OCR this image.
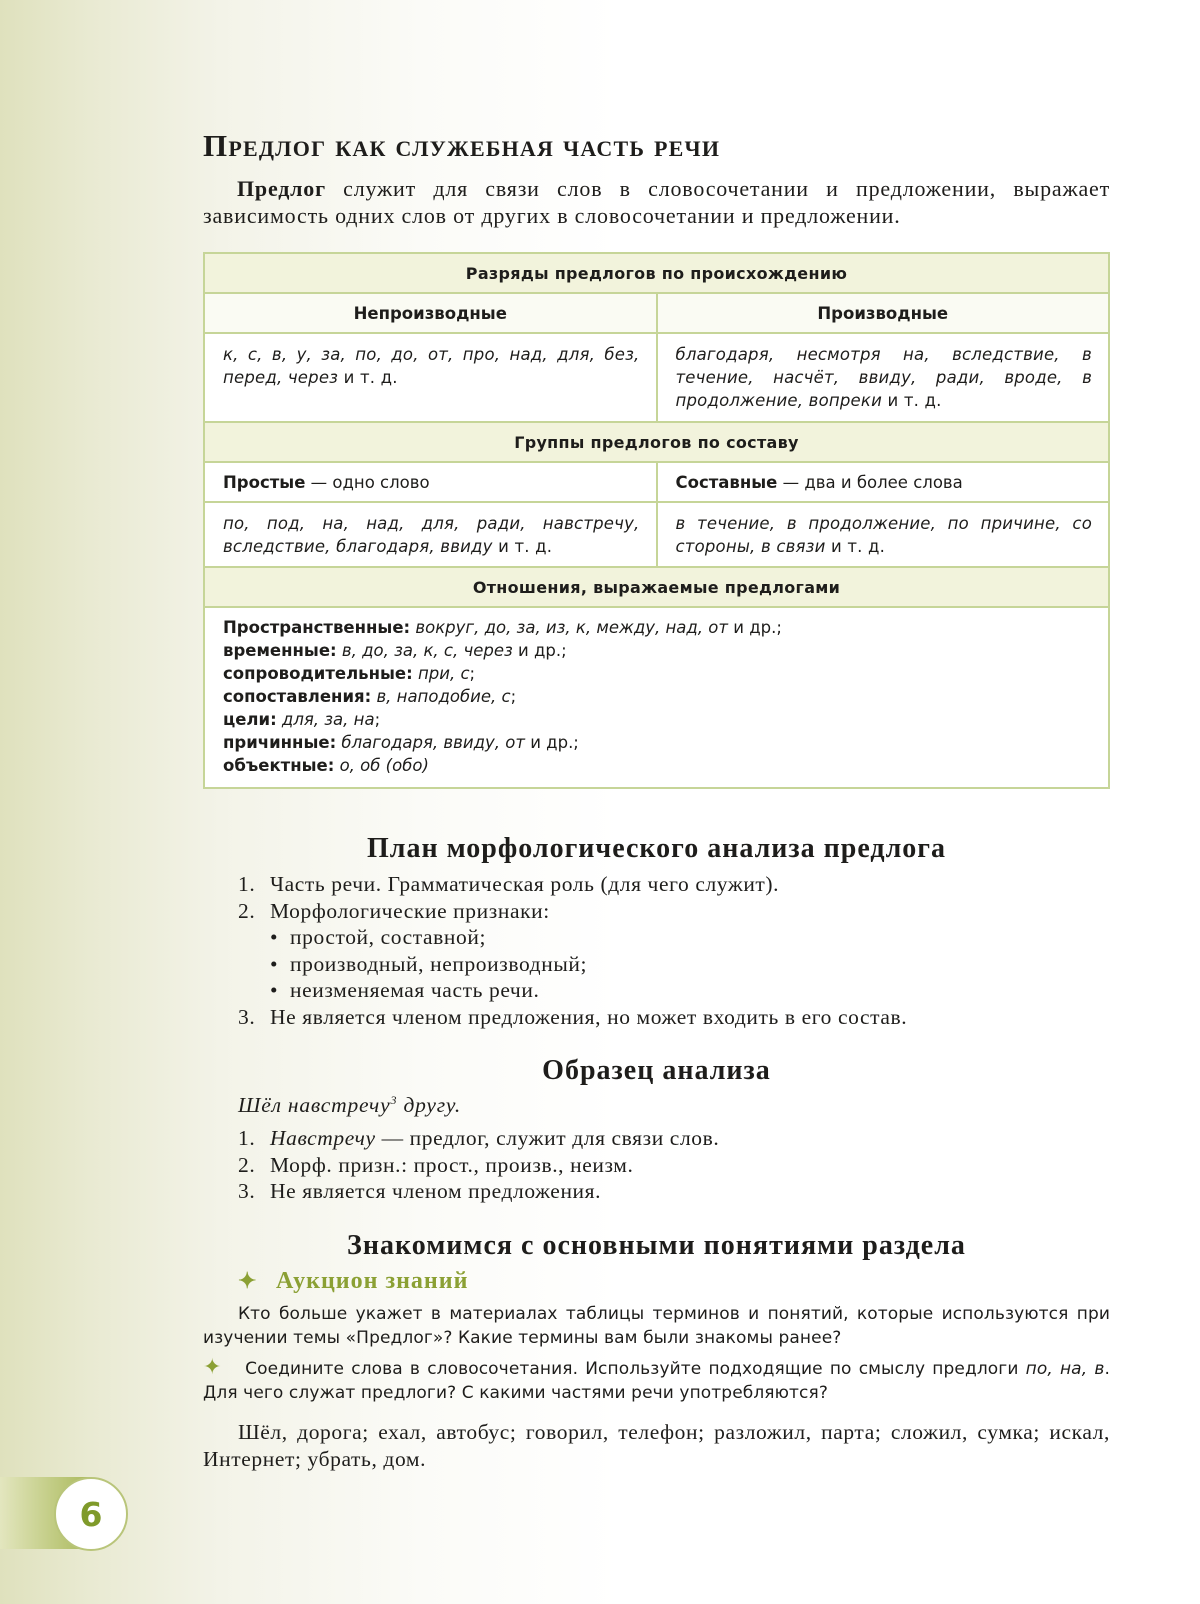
Предлог как служебная часть речи
Предлог служит для связи слов в словосочетании и предложении, выражает зависимость одних слов от других в словосочетании и предложении.
Разряды предлогов по происхождению	
Непроизводные	Производные
к, с, в, у, за, по, до, от, про, над, для, без, перед, через и т. д.	благодаря, несмотря на, вследствие, в течение, насчёт, ввиду, ради, вроде, в продолжение, вопреки и т. д.
Группы предлогов по составу	
Простые — одно слово	Составные — два и более слова
по, под, на, над, для, ради, навстречу, вследствие, благодаря, ввиду и т. д.	в течение, в продолжение, по причине, со стороны, в связи и т. д.
Отношения, выражаемые предлогами	

Пространственные: вокруг, до, за, из, к, между, над, от и др.;
временные: в, до, за, к, с, через и др.;
сопроводительные: при, с;
сопоставления: в, наподобие, с;
цели: для, за, на;
причинные: благодаря, ввиду, от и др.;
объектные: о, об (обо)
План морфологического анализа предлога
1. Часть речи. Грамматическая роль (для чего служит).
2. Морфологические признаки:
• простой, составной;
• производный, непроизводный;
• неизменяемая часть речи.
3. Не является членом предложения, но может входить в его состав.
Образец анализа
Шёл навстречу$^3$ другу.
1. Навстречу — предлог, служит для связи слов.
2. Морф. призн.: прост., произв., неизм.
3. Не является членом предложения.
Знакомимся с основными понятиями раздела
✦ Аукцион знаний
Кто больше укажет в материалах таблицы терминов и понятий, которые используются при изучении темы «Предлог»? Какие термины вам были знакомы ранее?
✦ Соедините слова в словосочетания. Используйте подходящие по смыслу предлоги по, на, в. Для чего служат предлоги? С какими частями речи употребляются?
Шёл, дорога; ехал, автобус; говорил, телефон; разложил, парта; сложил, сумка; искал, Интернет; убрать, дом.
6
